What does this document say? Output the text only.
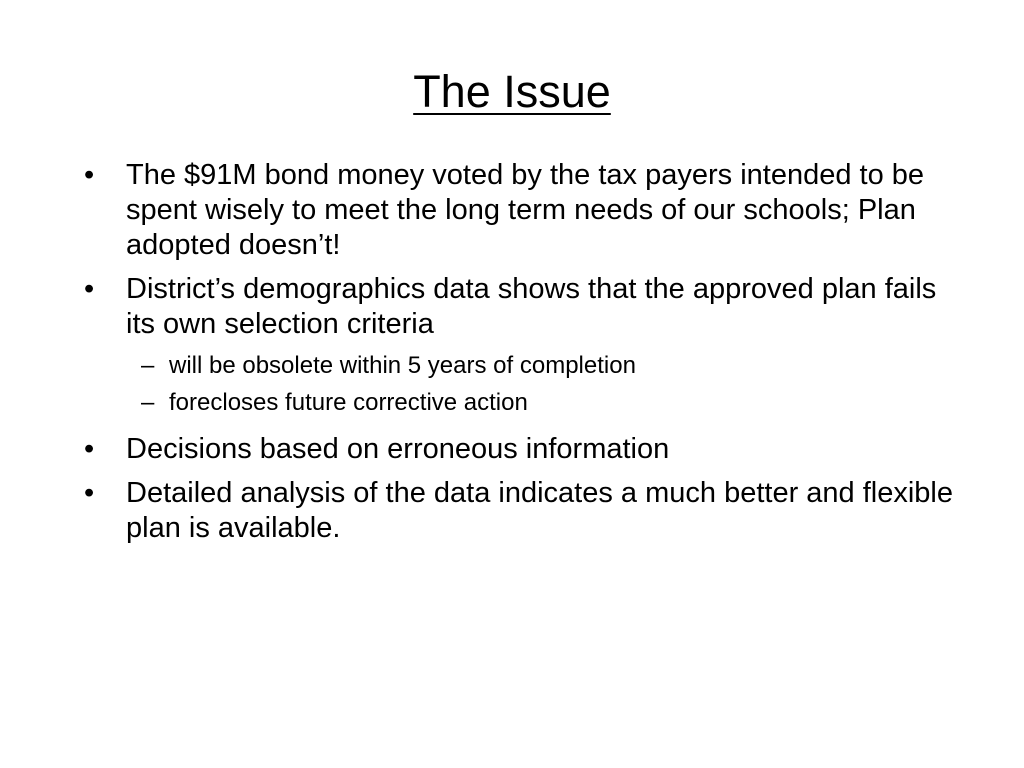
The Issue
•	The $91M bond money voted by the tax payers intended to be spent wisely to meet the long term needs of our schools; Plan adopted doesn’t!
•	District’s demographics data shows that the approved plan fails its own selection criteria
– will be obsolete within 5 years of completion
– forecloses future corrective action
•	Decisions based on erroneous information
•	Detailed analysis of the data indicates a much better and flexible plan is available.
